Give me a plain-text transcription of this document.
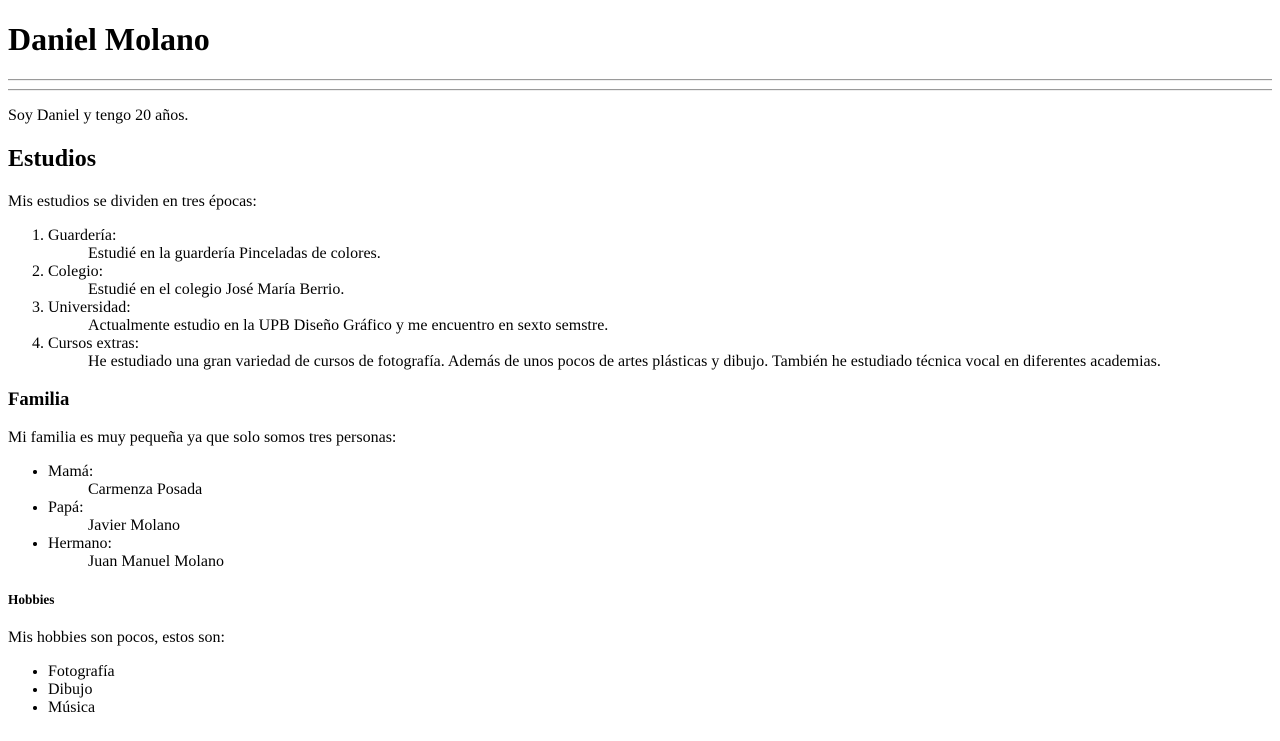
Daniel Molano

Soy Daniel y tengo 20 años.

Estudios

Mis estudios se dividen en tres épocas:

1. Guardería:
Estudié en la guardería Pinceladas de colores.
2. Colegio:
Estudié en el colegio José María Berrio.
3. Universidad:
Actualmente estudio en la UPB Diseño Gráfico y me encuentro en sexto semstre.
4. Cursos extras:
He estudiado una gran variedad de cursos de fotografía. Además de unos pocos de artes plásticas y dibujo. También he estudiado técnica vocal en diferentes academias.
Familia

Mi familia es muy pequeña ya que solo somos tres personas:

• Mamá:
Carmenza Posada
• Papá:
Javier Molano
• Hermano:
Juan Manuel Molano
Hobbies

Mis hobbies son pocos, estos son:

• Fotografía
• Dibujo
• Música
